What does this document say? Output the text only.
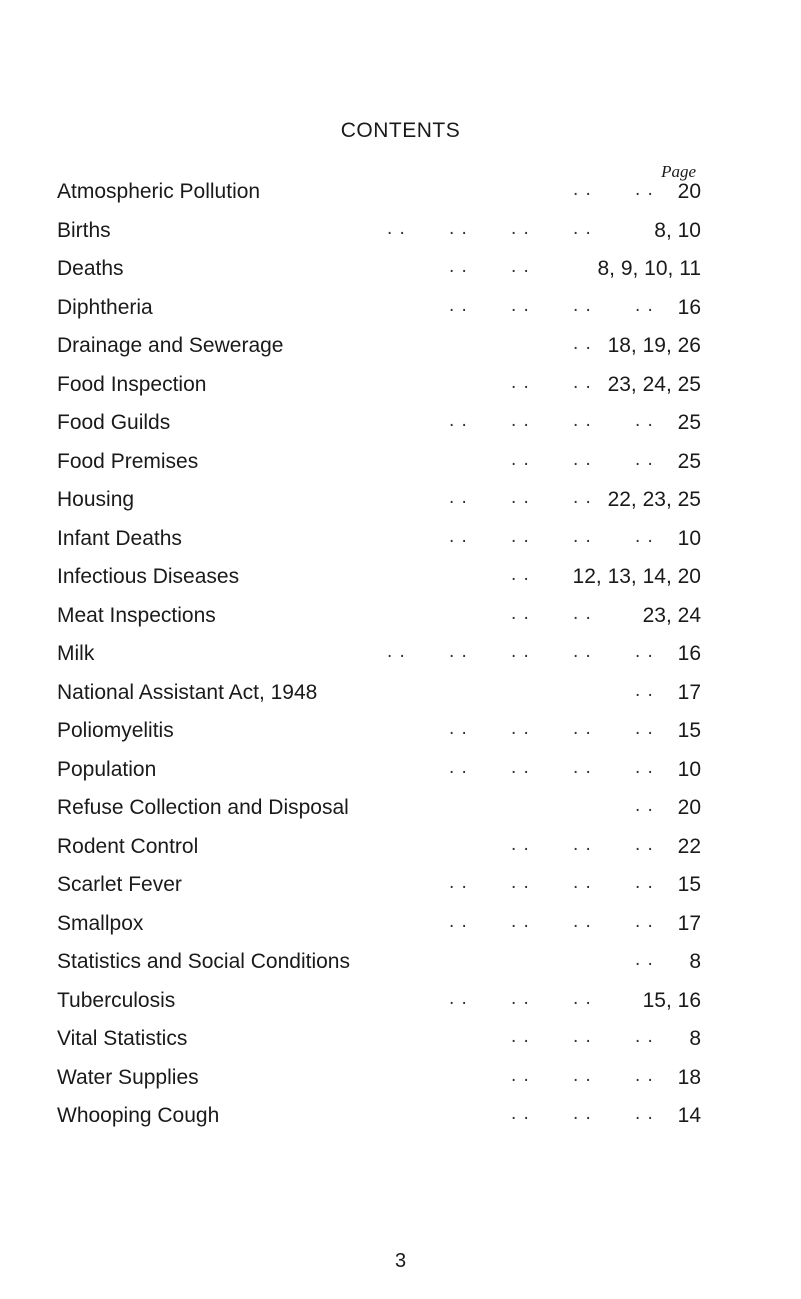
CONTENTS
Page
Atmospheric Pollution	20
. . . .
Births	8, 10
. . . . . . . .
Deaths	8, 9, 10, 11
. . . .
Diphtheria	16
. . . . . . . .
Drainage and Sewerage	18, 19, 26
. .
Food Inspection	23, 24, 25
. . . .
Food Guilds	25
. . . . . . . .
Food Premises	25
. . . . . .
Housing	22, 23, 25
. . . . . .
Infant Deaths	10
. . . . . . . .
Infectious Diseases	12, 13, 14, 20
. .
Meat Inspections	23, 24
. . . .
Milk	16
. . . . . . . . . .
National Assistant Act, 1948	17
. .
Poliomyelitis	15
. . . . . . . .
Population	10
. . . . . . . .
Refuse Collection and Disposal	20
. .
Rodent Control	22
. . . . . .
Scarlet Fever	15
. . . . . . . .
Smallpox	17
. . . . . . . .
Statistics and Social Conditions	8
. .
Tuberculosis	15, 16
. . . . . .
Vital Statistics	8
. . . . . .
Water Supplies	18
. . . . . .
Whooping Cough	14
. . . . . .
3
